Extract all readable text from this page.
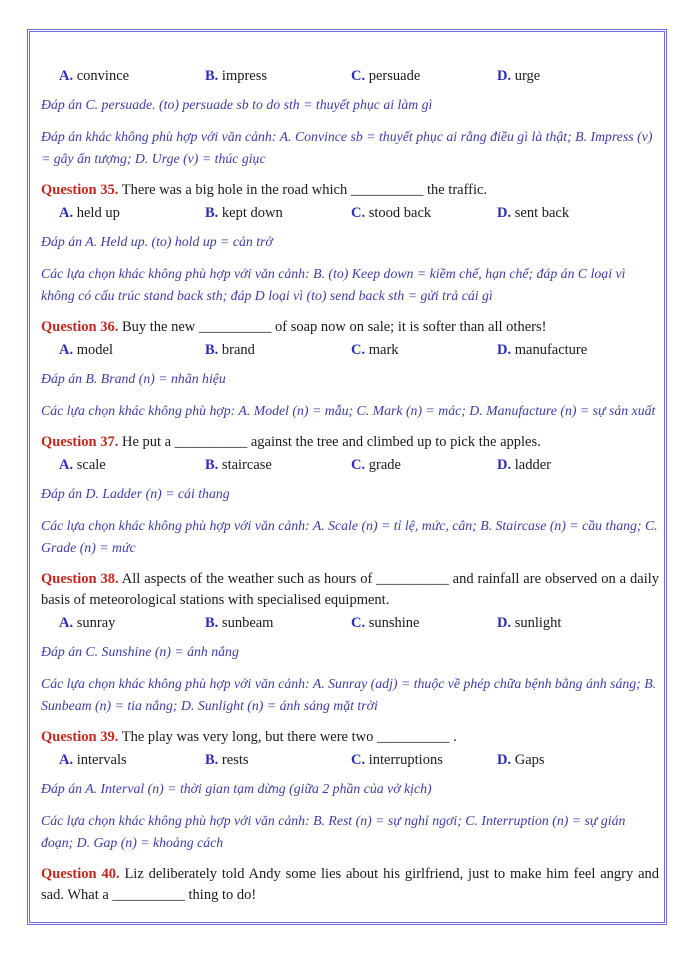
A. convince	B. impress	C. persuade	D. urge
Đáp án C. persuade. (to) persuade sb to do sth = thuyết phục ai làm gì
Đáp án khác không phù hợp với văn cảnh: A. Convince sb = thuyết phục ai rằng điều gì là thật; B. Impress (v) = gây ấn tượng; D. Urge (v) = thúc giục
Question 35. There was a big hole in the road which __________ the traffic.
A. held up	B. kept down	C. stood back	D. sent back
Đáp án A. Held up. (to) hold up = cản trở
Các lựa chọn khác không phù hợp với văn cảnh: B. (to) Keep down = kiềm chế, hạn chế; đáp án C loại vì không có cấu trúc stand back sth; đáp D loại vì (to) send back sth = gửi trả cái gì
Question 36. Buy the new __________ of soap now on sale; it is softer than all others!
A. model	B. brand	C. mark	D. manufacture
Đáp án B. Brand (n) = nhãn hiệu
Các lựa chọn khác không phù hợp: A. Model (n) = mẫu; C. Mark (n) = mác; D. Manufacture (n) = sự sản xuất
Question 37. He put a __________ against the tree and climbed up to pick the apples.
A. scale	B. staircase	C. grade	D. ladder
Đáp án D. Ladder (n) = cái thang
Các lựa chọn khác không phù hợp với văn cảnh: A. Scale (n) = tỉ lệ, mức, cân; B. Staircase (n) = cầu thang; C. Grade (n) = mức
Question 38. All aspects of the weather such as hours of __________ and rainfall are observed on a daily basis of meteorological stations with specialised equipment.
A. sunray	B. sunbeam	C. sunshine	D. sunlight
Đáp án C. Sunshine (n) = ánh nắng
Các lựa chọn khác không phù hợp với văn cảnh: A. Sunray (adj) = thuộc về phép chữa bệnh bằng ánh sáng; B. Sunbeam (n) = tia nắng; D. Sunlight (n) = ánh sáng mặt trời
Question 39. The play was very long, but there were two __________ .
A. intervals	B. rests	C. interruptions	D. Gaps
Đáp án A. Interval (n) = thời gian tạm dừng (giữa 2 phần của vở kịch)
Các lựa chọn khác không phù hợp với văn cảnh: B. Rest (n) = sự nghỉ ngơi; C. Interruption (n) = sự gián đoạn; D. Gap (n) = khoảng cách
Question 40. Liz deliberately told Andy some lies about his girlfriend, just to make him feel angry and sad. What a __________ thing to do!
